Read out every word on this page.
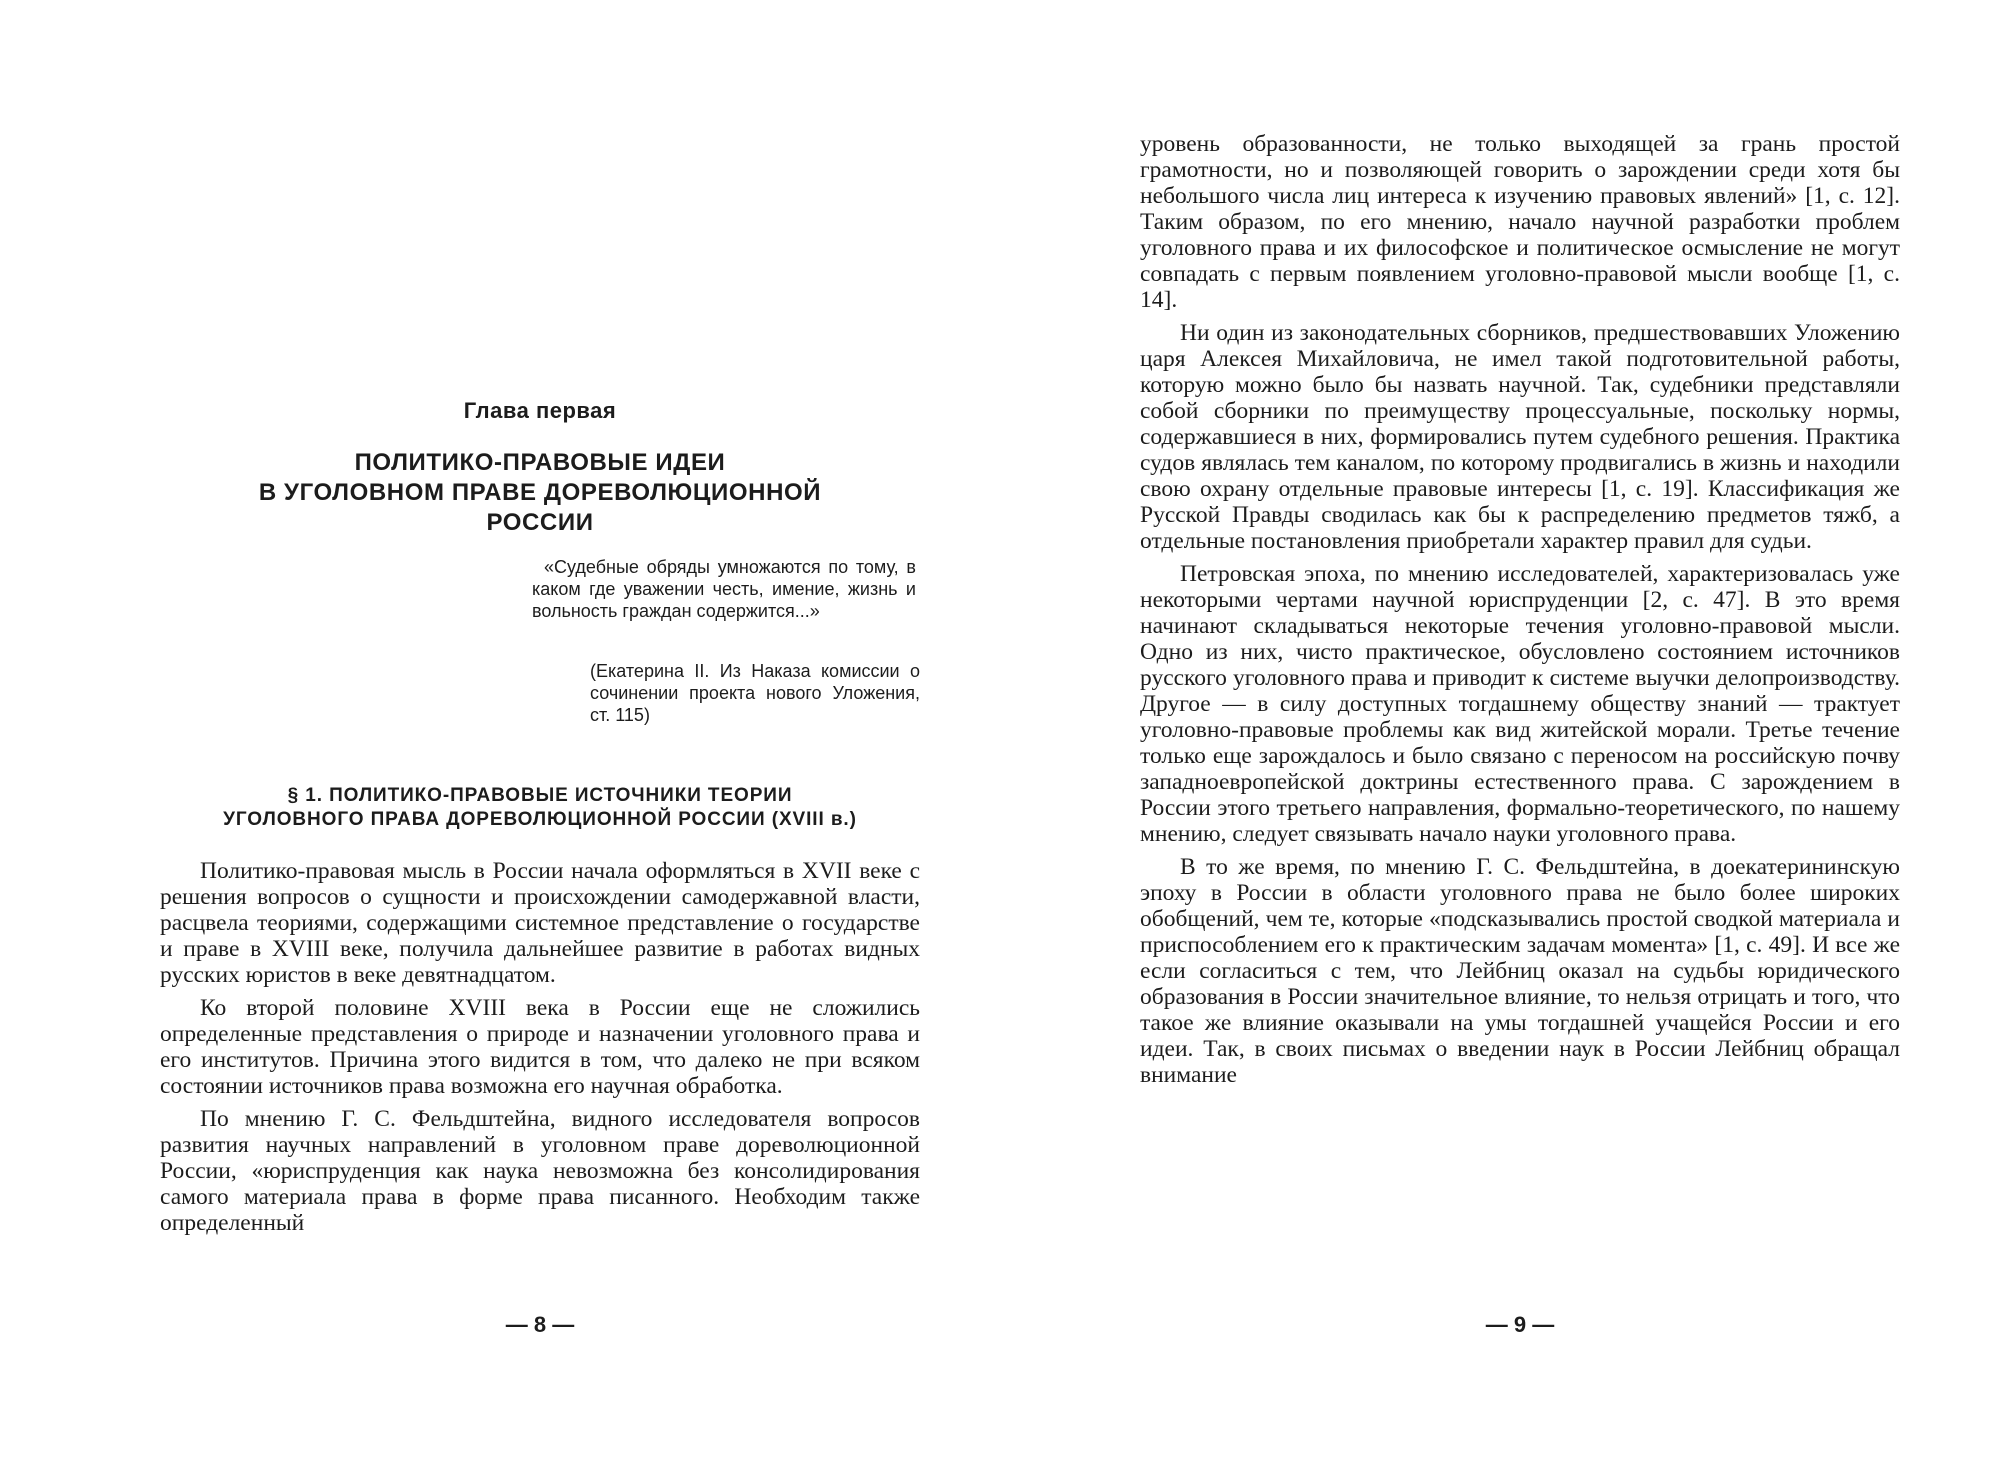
Глава первая
ПОЛИТИКО-ПРАВОВЫЕ ИДЕИ
В УГОЛОВНОМ ПРАВЕ ДОРЕВОЛЮЦИОННОЙ
РОССИИ
«Судебные обряды умножаются по тому, в каком где уважении честь, имение, жизнь и вольность граждан содержится...»
(Екатерина II. Из Наказа комиссии о сочинении проекта нового Уложения, ст. 115)
§ 1. ПОЛИТИКО-ПРАВОВЫЕ ИСТОЧНИКИ ТЕОРИИ
УГОЛОВНОГО ПРАВА ДОРЕВОЛЮЦИОННОЙ РОССИИ (XVIII в.)

Политико-правовая мысль в России начала оформляться в XVII веке с решения вопросов о сущности и происхождении самодержавной власти, расцвела теориями, содержащими системное представление о государстве и праве в XVIII веке, получила дальнейшее развитие в работах видных русских юристов в веке девятнадцатом.

Ко второй половине XVIII века в России еще не сложились определенные представления о природе и назначении уголовного права и его институтов. Причина этого видится в том, что далеко не при всяком состоянии источников права возможна его научная обработка.

По мнению Г. С. Фельдштейна, видного исследователя вопросов развития научных направлений в уголовном праве дореволюционной России, «юриспруденция как наука невозможна без консолидирования самого материала права в форме права писанного. Необходим также определенный

— 8 —

уровень образованности, не только выходящей за грань простой грамотности, но и позволяющей говорить о зарождении среди хотя бы небольшого числа лиц интереса к изучению правовых явлений» [1, с. 12]. Таким образом, по его мнению, начало научной разработки проблем уголовного права и их философское и политическое осмысление не могут совпадать с первым появлением уголовно-правовой мысли вообще [1, с. 14].

Ни один из законодательных сборников, предшествовавших Уложению царя Алексея Михайловича, не имел такой подготовительной работы, которую можно было бы назвать научной. Так, судебники представляли собой сборники по преимуществу процессуальные, поскольку нормы, содержавшиеся в них, формировались путем судебного решения. Практика судов являлась тем каналом, по которому продвигались в жизнь и находили свою охрану отдельные правовые интересы [1, с. 19]. Классификация же Русской Правды сводилась как бы к распределению предметов тяжб, а отдельные постановления приобретали характер правил для судьи.

Петровская эпоха, по мнению исследователей, характеризовалась уже некоторыми чертами научной юриспруденции [2, с. 47]. В это время начинают складываться некоторые течения уголовно-правовой мысли. Одно из них, чисто практическое, обусловлено состоянием источников русского уголовного права и приводит к системе выучки делопроизводству. Другое — в силу доступных тогдашнему обществу знаний — трактует уголовно-правовые проблемы как вид житейской морали. Третье течение только еще зарождалось и было связано с переносом на российскую почву западноевропейской доктрины естественного права. С зарождением в России этого третьего направления, формально-теоретического, по нашему мнению, следует связывать начало науки уголовного права.

В то же время, по мнению Г. С. Фельдштейна, в доекатерининскую эпоху в России в области уголовного права не было более широких обобщений, чем те, которые «подсказывались простой сводкой материала и приспособлением его к практическим задачам момента» [1, с. 49]. И все же если согласиться с тем, что Лейбниц оказал на судьбы юридического образования в России значительное влияние, то нельзя отрицать и того, что такое же влияние оказывали на умы тогдашней учащейся России и его идеи. Так, в своих письмах о введении наук в России Лейбниц обращал внимание

— 9 —
